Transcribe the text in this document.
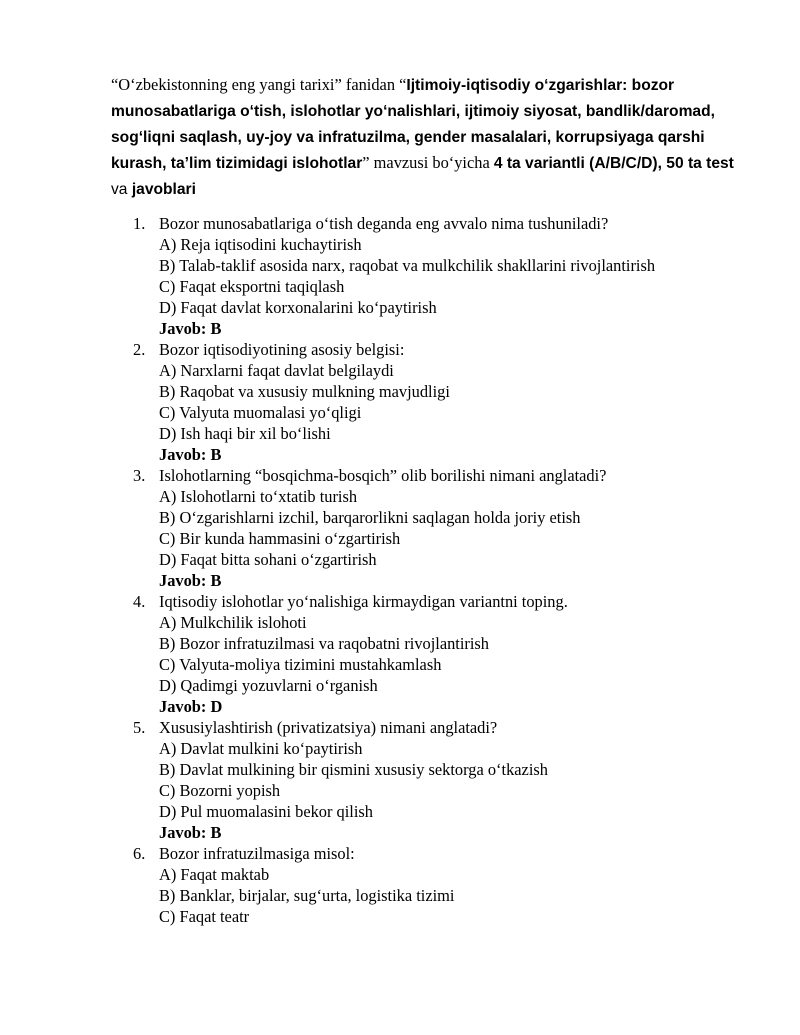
“O‘zbekistonning eng yangi tarixi” fanidan “Ijtimoiy-iqtisodiy o‘zgarishlar: bozor munosabatlariga o‘tish, islohotlar yo‘nalishlari, ijtimoiy siyosat, bandlik/daromad, sog‘liqni saqlash, uy-joy va infratuzilma, gender masalalari, korrupsiyaga qarshi kurash, ta’lim tizimidagi islohotlar” mavzusi bo‘yicha 4 ta variantli (A/B/C/D), 50 ta test va javoblari

1. Bozor munosabatlariga o‘tish deganda eng avvalo nima tushuniladi?
A) Reja iqtisodini kuchaytirish
B) Talab-taklif asosida narx, raqobat va mulkchilik shakllarini rivojlantirish
C) Faqat eksportni taqiqlash
D) Faqat davlat korxonalarini ko‘paytirish
Javob: B
2. Bozor iqtisodiyotining asosiy belgisi:
A) Narxlarni faqat davlat belgilaydi
B) Raqobat va xususiy mulkning mavjudligi
C) Valyuta muomalasi yo‘qligi
D) Ish haqi bir xil bo‘lishi
Javob: B
3. Islohotlarning “bosqichma-bosqich” olib borilishi nimani anglatadi?
A) Islohotlarni to‘xtatib turish
B) O‘zgarishlarni izchil, barqarorlikni saqlagan holda joriy etish
C) Bir kunda hammasini o‘zgartirish
D) Faqat bitta sohani o‘zgartirish
Javob: B
4. Iqtisodiy islohotlar yo‘nalishiga kirmaydigan variantni toping.
A) Mulkchilik islohoti
B) Bozor infratuzilmasi va raqobatni rivojlantirish
C) Valyuta-moliya tizimini mustahkamlash
D) Qadimgi yozuvlarni o‘rganish
Javob: D
5. Xususiylashtirish (privatizatsiya) nimani anglatadi?
A) Davlat mulkini ko‘paytirish
B) Davlat mulkining bir qismini xususiy sektorga o‘tkazish
C) Bozorni yopish
D) Pul muomalasini bekor qilish
Javob: B
6. Bozor infratuzilmasiga misol:
A) Faqat maktab
B) Banklar, birjalar, sug‘urta, logistika tizimi
C) Faqat teatr
